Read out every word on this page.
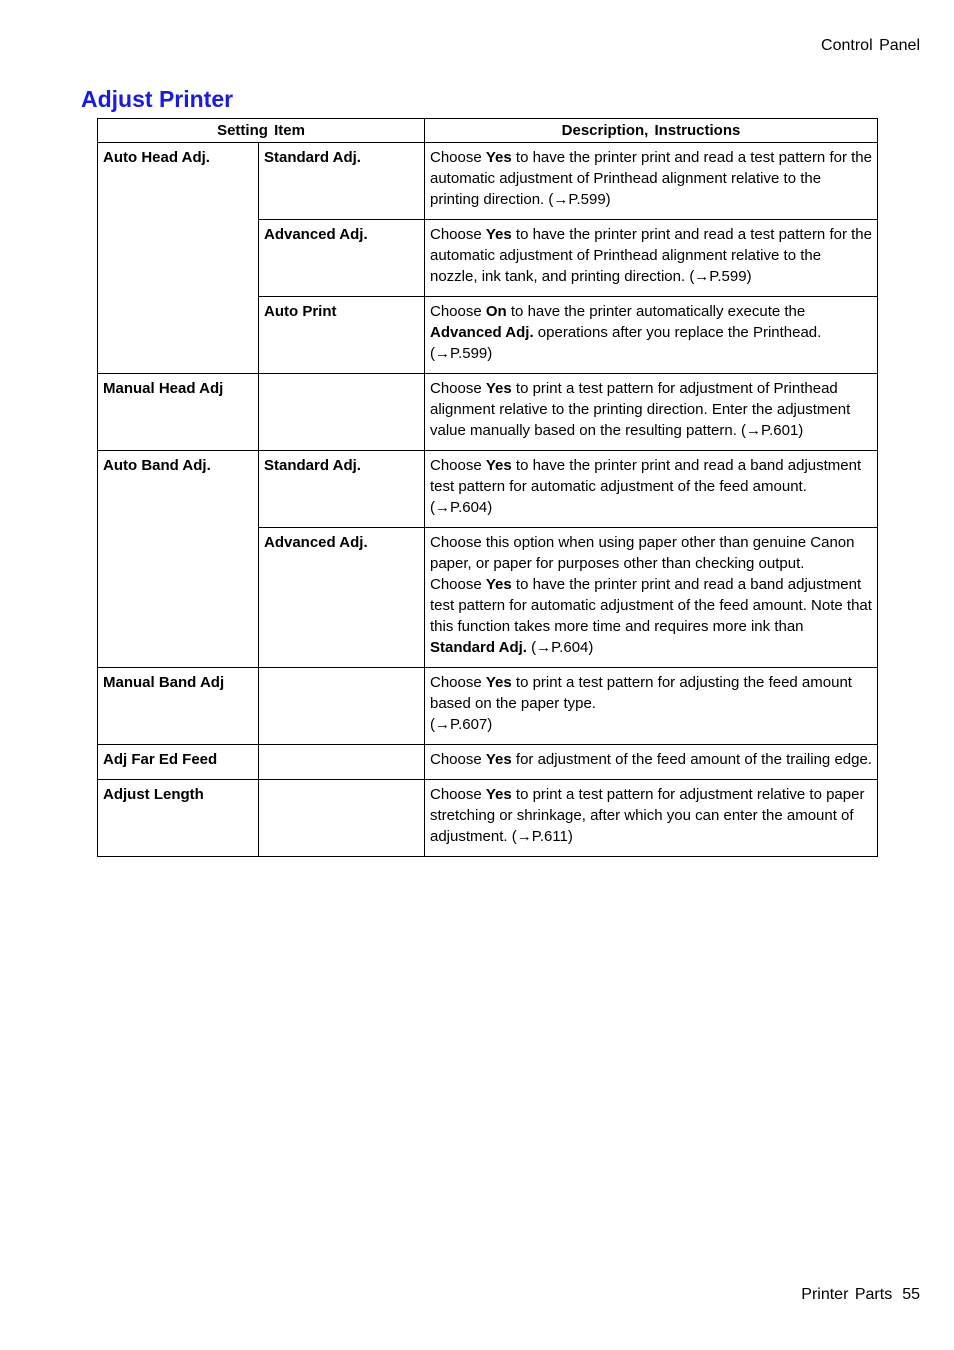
Control Panel
Adjust Printer
Setting Item		Description, Instructions
Auto Head Adj.	Standard Adj.	Choose Yes to have the printer print and read a test pattern for the automatic adjustment of Printhead alignment relative to the printing direction. (→P.599)
	Advanced Adj.	Choose Yes to have the printer print and read a test pattern for the automatic adjustment of Printhead alignment relative to the nozzle, ink tank, and printing direction. (→P.599)
	Auto Print	Choose On to have the printer automatically execute the Advanced Adj. operations after you replace the Printhead. (→P.599)
Manual Head Adj		Choose Yes to print a test pattern for adjustment of Printhead alignment relative to the printing direction. Enter the adjustment value manually based on the resulting pattern. (→P.601)
Auto Band Adj.	Standard Adj.	Choose Yes to have the printer print and read a band adjustment test pattern for automatic adjustment of the feed amount. (→P.604)
	Advanced Adj.	Choose this option when using paper other than genuine Canon paper, or paper for purposes other than checking output.
Choose Yes to have the printer print and read a band adjustment test pattern for automatic adjustment of the feed amount. Note that this function takes more time and requires more ink than Standard Adj. (→P.604)
Manual Band Adj		Choose Yes to print a test pattern for adjusting the feed amount based on the paper type.
(→P.607)
Adj Far Ed Feed		Choose Yes for adjustment of the feed amount of the trailing edge.
Adjust Length		Choose Yes to print a test pattern for adjustment relative to paper stretching or shrinkage, after which you can enter the amount of adjustment. (→P.611)
Printer Parts 55
